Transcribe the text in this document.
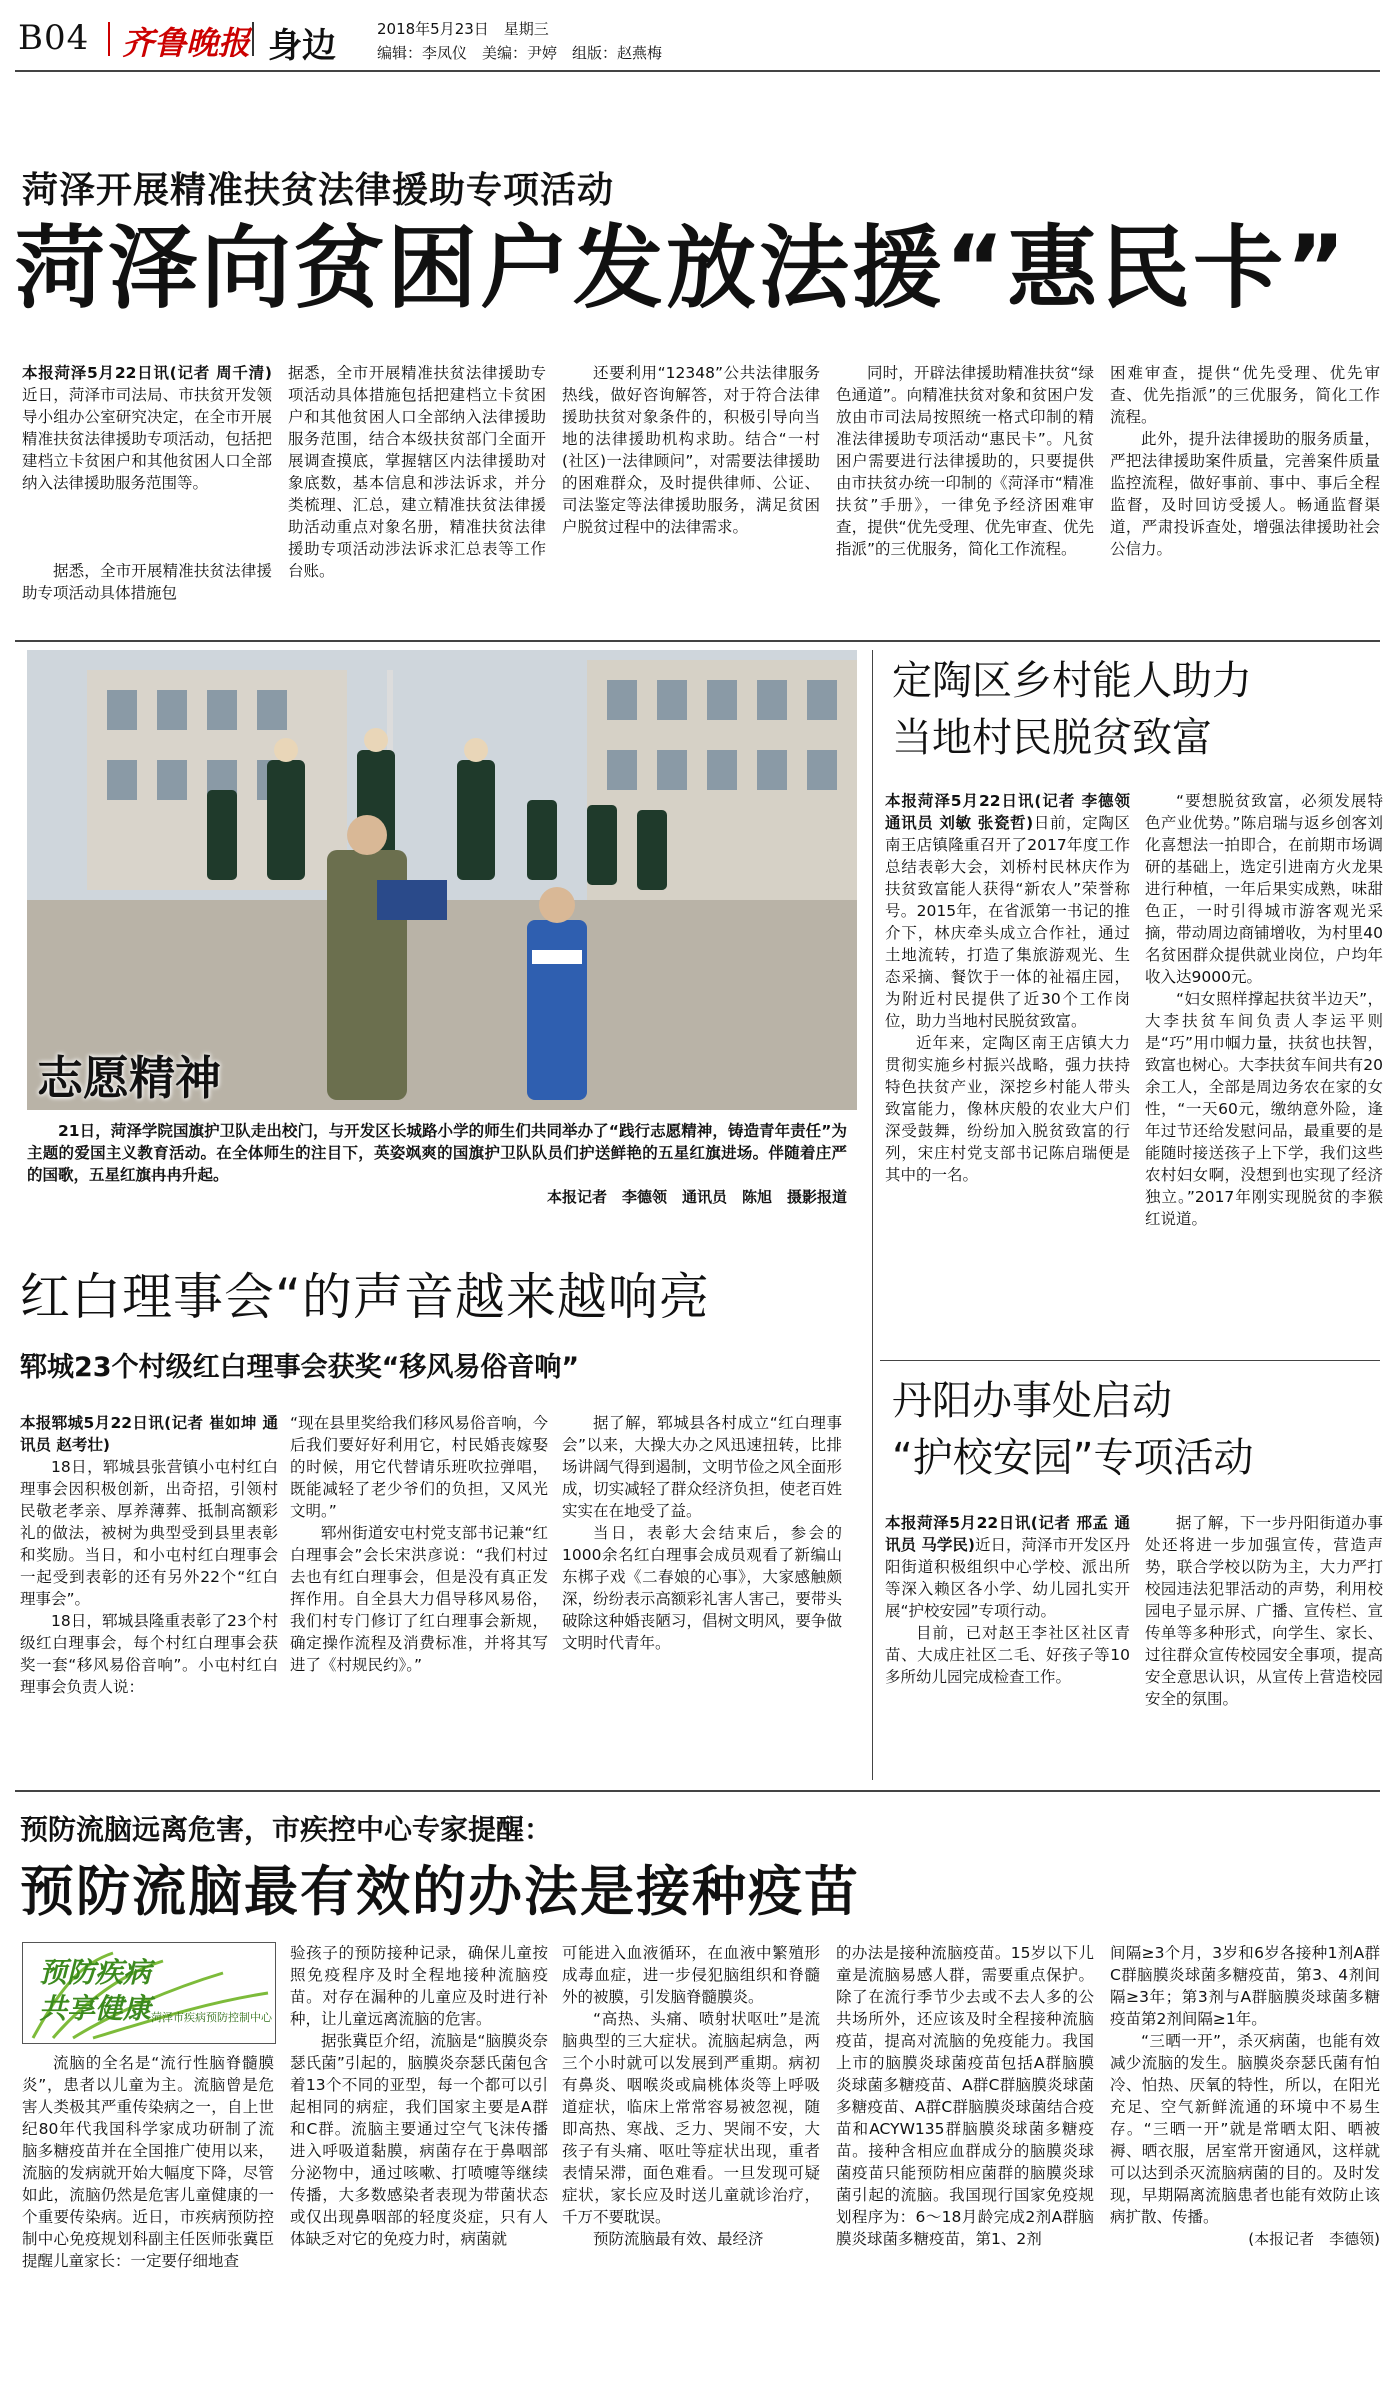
B04 齐鲁晚报 身边	2018年5月23日　星期三
编辑：李凤仪　美编：尹婷　组版：赵燕梅
菏泽开展精准扶贫法律援助专项活动
菏泽向贫困户发放法援“惠民卡”

本报菏泽5月22日讯(记者 周千清)近日，菏泽市司法局、市扶贫开发领导小组办公室研究决定，在全市开展精准扶贫法律援助专项活动，包括把建档立卡贫困户和其他贫困人口全部纳入法律援助服务范围等。

据悉，全市开展精准扶贫法律援助专项活动具体措施包

据悉，全市开展精准扶贫法律援助专项活动具体措施包括把建档立卡贫困户和其他贫困人口全部纳入法律援助服务范围，结合本级扶贫部门全面开展调查摸底，掌握辖区内法律援助对象底数，基本信息和涉法诉求，并分类梳理、汇总，建立精准扶贫法律援助活动重点对象名册，精准扶贫法律援助专项活动涉法诉求汇总表等工作台账。

还要利用“12348”公共法律服务热线，做好咨询解答，对于符合法律援助扶贫对象条件的，积极引导向当地的法律援助机构求助。结合“一村(社区)一法律顾问”，对需要法律援助的困难群众，及时提供律师、公证、司法鉴定等法律援助服务，满足贫困户脱贫过程中的法律需求。

同时，开辟法律援助精准扶贫“绿色通道”。向精准扶贫对象和贫困户发放由市司法局按照统一格式印制的精准法律援助专项活动“惠民卡”。凡贫困户需要进行法律援助的，只要提供由市扶贫办统一印制的《菏泽市“精准扶贫”手册》，一律免予经济困难审查，提供“优先受理、优先审查、优先指派”的三优服务，简化工作流程。

困难审查，提供“优先受理、优先审查、优先指派”的三优服务，简化工作流程。

此外，提升法律援助的服务质量，严把法律援助案件质量，完善案件质量监控流程，做好事前、事中、事后全程监督，及时回访受援人。畅通监督渠道，严肃投诉查处，增强法律援助社会公信力。

志愿精神

21日，菏泽学院国旗护卫队走出校门，与开发区长城路小学的师生们共同举办了“践行志愿精神，铸造青年责任”为主题的爱国主义教育活动。在全体师生的注目下，英姿飒爽的国旗护卫队队员们护送鲜艳的五星红旗进场。伴随着庄严的国歌，五星红旗冉冉升起。

本报记者　李德领　通讯员　陈旭　摄影报道
定陶区乡村能人助力
当地村民脱贫致富

本报菏泽5月22日讯(记者 李德领 通讯员 刘敏 张瓷哲)日前，定陶区南王店镇隆重召开了2017年度工作总结表彰大会，刘桥村民林庆作为扶贫致富能人获得“新农人”荣誉称号。2015年，在省派第一书记的推介下，林庆牵头成立合作社，通过土地流转，打造了集旅游观光、生态采摘、餐饮于一体的祉福庄园，为附近村民提供了近30个工作岗位，助力当地村民脱贫致富。

近年来，定陶区南王店镇大力贯彻实施乡村振兴战略，强力扶持特色扶贫产业，深挖乡村能人带头致富能力，像林庆般的农业大户们深受鼓舞，纷纷加入脱贫致富的行列，宋庄村党支部书记陈启瑞便是其中的一名。

“要想脱贫致富，必须发展特色产业优势。”陈启瑞与返乡创客刘化喜想法一拍即合，在前期市场调研的基础上，选定引进南方火龙果进行种植，一年后果实成熟，味甜色正，一时引得城市游客观光采摘，带动周边商铺增收，为村里40名贫困群众提供就业岗位，户均年收入达9000元。

“妇女照样撑起扶贫半边天”，大李扶贫车间负责人李运平则是“巧”用巾帼力量，扶贫也扶智，致富也树心。大李扶贫车间共有20余工人，全部是周边务农在家的女性，“一天60元，缴纳意外险，逢年过节还给发慰问品，最重要的是能随时接送孩子上下学，我们这些农村妇女啊，没想到也实现了经济独立。”2017年刚实现脱贫的李猴红说道。

红白理事会“的声音越来越响亮
郓城23个村级红白理事会获奖“移风易俗音响”

本报郓城5月22日讯(记者 崔如坤 通讯员 赵考壮)

18日，郓城县张营镇小屯村红白理事会因积极创新，出奇招，引领村民敬老孝亲、厚养薄葬、抵制高额彩礼的做法，被树为典型受到县里表彰和奖励。当日，和小屯村红白理事会一起受到表彰的还有另外22个“红白理事会”。

18日，郓城县隆重表彰了23个村级红白理事会，每个村红白理事会获奖一套“移风易俗音响”。小屯村红白理事会负责人说：

“现在县里奖给我们移风易俗音响，今后我们要好好利用它，村民婚丧嫁娶的时候，用它代替请乐班吹拉弹唱，既能减轻了老少爷们的负担，又风光文明。”

郓州街道安屯村党支部书记兼“红白理事会”会长宋洪彦说：“我们村过去也有红白理事会，但是没有真正发挥作用。自全县大力倡导移风易俗，我们村专门修订了红白理事会新规，确定操作流程及消费标准，并将其写进了《村规民约》。”

据了解，郓城县各村成立“红白理事会”以来，大操大办之风迅速扭转，比排场讲阔气得到遏制，文明节俭之风全面形成，切实减轻了群众经济负担，使老百姓实实在在地受了益。

当日，表彰大会结束后，参会的1000余名红白理事会成员观看了新编山东梆子戏《二春娘的心事》，大家感触颇深，纷纷表示高额彩礼害人害己，要带头破除这种婚丧陋习，倡树文明风，要争做文明时代青年。

丹阳办事处启动
“护校安园”专项活动

本报菏泽5月22日讯(记者 邢孟 通讯员 马学民)近日，菏泽市开发区丹阳街道积极组织中心学校、派出所等深入赖区各小学、幼儿园扎实开展“护校安园”专项行动。

目前，已对赵王李社区社区青苗、大成庄社区二毛、好孩子等10多所幼儿园完成检查工作。

据了解，下一步丹阳街道办事处还将进一步加强宣传，营造声势，联合学校以防为主，大力严打校园违法犯罪活动的声势，利用校园电子显示屏、广播、宣传栏、宣传单等多种形式，向学生、家长、过往群众宣传校园安全事项，提高安全意思认识，从宣传上营造校园安全的氛围。

预防流脑远离危害，市疾控中心专家提醒：
预防流脑最有效的办法是接种疫苗
预防疾病
共享健康 菏泽市疾病预防控制中心

流脑的全名是“流行性脑脊髓膜炎”，患者以儿童为主。流脑曾是危害人类极其严重传染病之一，自上世纪80年代我国科学家成功研制了流脑多糖疫苗并在全国推广使用以来，流脑的发病就开始大幅度下降，尽管如此，流脑仍然是危害儿童健康的一个重要传染病。近日，市疾病预防控制中心免疫规划科副主任医师张冀臣提醒儿童家长：一定要仔细地查

验孩子的预防接种记录，确保儿童按照免疫程序及时全程地接种流脑疫苗。对存在漏种的儿童应及时进行补种，让儿童远离流脑的危害。

据张冀臣介绍，流脑是“脑膜炎奈瑟氏菌”引起的，脑膜炎奈瑟氏菌包含着13个不同的亚型，每一个都可以引起相同的病症，我们国家主要是A群和C群。流脑主要通过空气飞沫传播进入呼吸道黏膜，病菌存在于鼻咽部分泌物中，通过咳嗽、打喷嚏等继续传播，大多数感染者表现为带菌状态或仅出现鼻咽部的轻度炎症，只有人体缺乏对它的免疫力时，病菌就

可能进入血液循环，在血液中繁殖形成毒血症，进一步侵犯脑组织和脊髓外的被膜，引发脑脊髓膜炎。

“高热、头痛、喷射状呕吐”是流脑典型的三大症状。流脑起病急，两三个小时就可以发展到严重期。病初有鼻炎、咽喉炎或扁桃体炎等上呼吸道症状，临床上常常容易被忽视，随即高热、寒战、乏力、哭闹不安，大孩子有头痛、呕吐等症状出现，重者表情呆滞，面色难看。一旦发现可疑症状，家长应及时送儿童就诊治疗，千万不要耽误。

预防流脑最有效、最经济

的办法是接种流脑疫苗。15岁以下儿童是流脑易感人群，需要重点保护。除了在流行季节少去或不去人多的公共场所外，还应该及时全程接种流脑疫苗，提高对流脑的免疫能力。我国上市的脑膜炎球菌疫苗包括A群脑膜炎球菌多糖疫苗、A群C群脑膜炎球菌多糖疫苗、A群C群脑膜炎球菌结合疫苗和ACYW135群脑膜炎球菌多糖疫苗。接种含相应血群成分的脑膜炎球菌疫苗只能预防相应菌群的脑膜炎球菌引起的流脑。我国现行国家免疫规划程序为：6～18月龄完成2剂A群脑膜炎球菌多糖疫苗，第1、2剂

间隔≥3个月，3岁和6岁各接种1剂A群C群脑膜炎球菌多糖疫苗，第3、4剂间隔≥3年；第3剂与A群脑膜炎球菌多糖疫苗第2剂间隔≥1年。

“三晒一开”，杀灭病菌，也能有效减少流脑的发生。脑膜炎奈瑟氏菌有怕冷、怕热、厌氧的特性，所以，在阳光充足、空气新鲜流通的环境中不易生存。“三晒一开”就是常晒太阳、晒被褥、晒衣服，居室常开窗通风，这样就可以达到杀灭流脑病菌的目的。及时发现，早期隔离流脑患者也能有效防止该病扩散、传播。

(本报记者　李德领)
